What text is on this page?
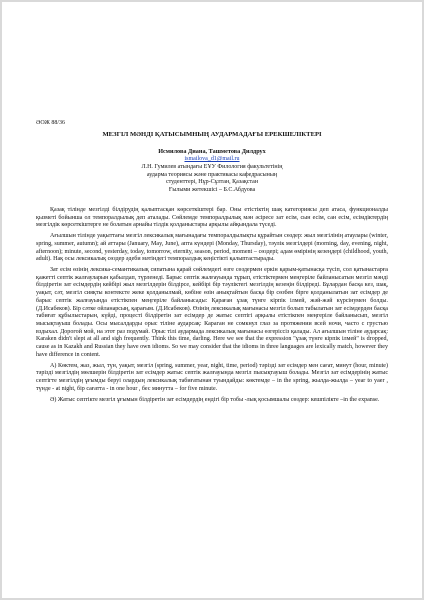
ӘОЖ 88/36

МЕЗГІЛ МӘНДІ ҚАТЫСЫМНЫҢ АУДАРМАДАҒЫ ЕРЕКШЕЛІКТЕРІ

Исмилова Диана, Ташметова Дилдрух

ismailova_d1@mail.ru

Л.Н. Гумилев атындағы ЕҰУ Филология факультетінің

аударма теориясы және практикасы кафедрасының

студенттері, Нұр-Сұлтан, Қазақстан

Ғылыми жетекшісі – Б.С.Абдуова

Қазақ тілінде мезгілді білдірудің қалыптасқан көрсеткіштері бар. Оны етістіктің шақ категориясы деп атаса, функционалды қызметі бойынша ол темпоралдылық деп аталады. Сөйлемде темпоралдылық мән әсіресе зат есім, сын есім, сан есім, есімдіктердің мезгілдік көрсеткіштерге не болатын арнайы тілдік қолданыстары арқылы айқындала түседі.

Ағылшын тілінде уақыттағы мезгіл лексикалық мағынадағы темпоралдылықты құрайтын сөздер: жыл мезгілінің атаулары (winter, spring, summer, autumn); ай аттары (January, May, June), апта күндері (Monday, Thursday), тәулік мезгілдері (morning, day, evening, night, afternoon); minute, second, yesterday, today, tomorrow, eternity, season, period, moment – сөздері; адам өмірінің кезеңдері (childhood, youth, adult). Нақ осы лексикалық сөздер әдеби мәтіндегі темпоралдық кеңістікті қалыптастырады.

Зат есім өзінің лексика-семантикалық сипатына қарай сөйлемдегі өзге сөздермен еркін қарым-қатынасқа түсіп, сол қатынастарға қажетті септік жалғауларын қабылдап, түрленеді. Барыс септік жалғауында тұрып, етістіктермен меңгеріле байланысатын мезгіл мәнді білдіретін зат есімдердің кейбірі жыл мезгілдерін білдірсе, кейбірі бір тәуліктегі мезгілдің кезеңін білдіреді. Бұлардан басқа кез, шақ, уақыт, сәт, мезгіл сияқты контексте жеке қолданылмай, көбіне өзін анықтайтын басқа бір сөзбен бірге қолданылатын зат есімдер де барыс септік жалғауында етістікпен меңгеріле байланысады: Қараған ұзақ түнге кірпік ілмей, жәй-жәй күрсінумен болды. (Д.Исабеков). Бір сәтке ойланарсың, қарағым. (Д.Исабеков). Өзінің лексикалық мағынасы мезгіл болып табылатын зат есімдерден басқа табиғат құбылыстарын, күйді, процесті білдіретін зат есімдер де жатыс септігі арқылы етістікпен меңгеріле байланысып, мезгіл мысықтауыш болады. Осы мысалдарды орыс тіліне аударсақ: Караган не сомкнул глаз за протяжении всей ночи, часто с грустью вздыхал. Дорогой мой, на этот раз подумай. Орыс тілі аудармада лексикалық мағынасы өзгеріссіз қалады. Ал ағылшын тіліне аударсақ: Karaken didn't slept at all and sigh frequently. Think this time, darling. Here we see that the expression "ұзақ түнге кірпік ілмей" is dropped, cause as in Kazakh and Russian they have own idioms. So we may consider that the idioms in three languages are lexically match, however they have difference in content.

А) Көктем, жаз, жыл, түн, уақыт, мезгіл (spring, summer, year, night, time, period) тәрізді зат есімдер мен сағат, минут (hour, minute) тәрізді мезгілдің мөлшерін білдіретін зат есімдер жатыс септік жалғауында мезгіл пысықтауыш болады. Мезгіл зат есімдерінің жатыс септігте мезгілдің ұғымды беруі олардың лексикалық табиғатынан туындайды: көктемде – in the spring, жылда-жылда – year to yaer , түнде - at night, бір сағатта - in one hour , бес минутта – for five minute.

Ә) Жатыс септікте мезгіл ұғымын білдіретін зат есімдердің ендігі бір тобы -лық қосымшалы сөздер: кешпілікте –in the expanse.
